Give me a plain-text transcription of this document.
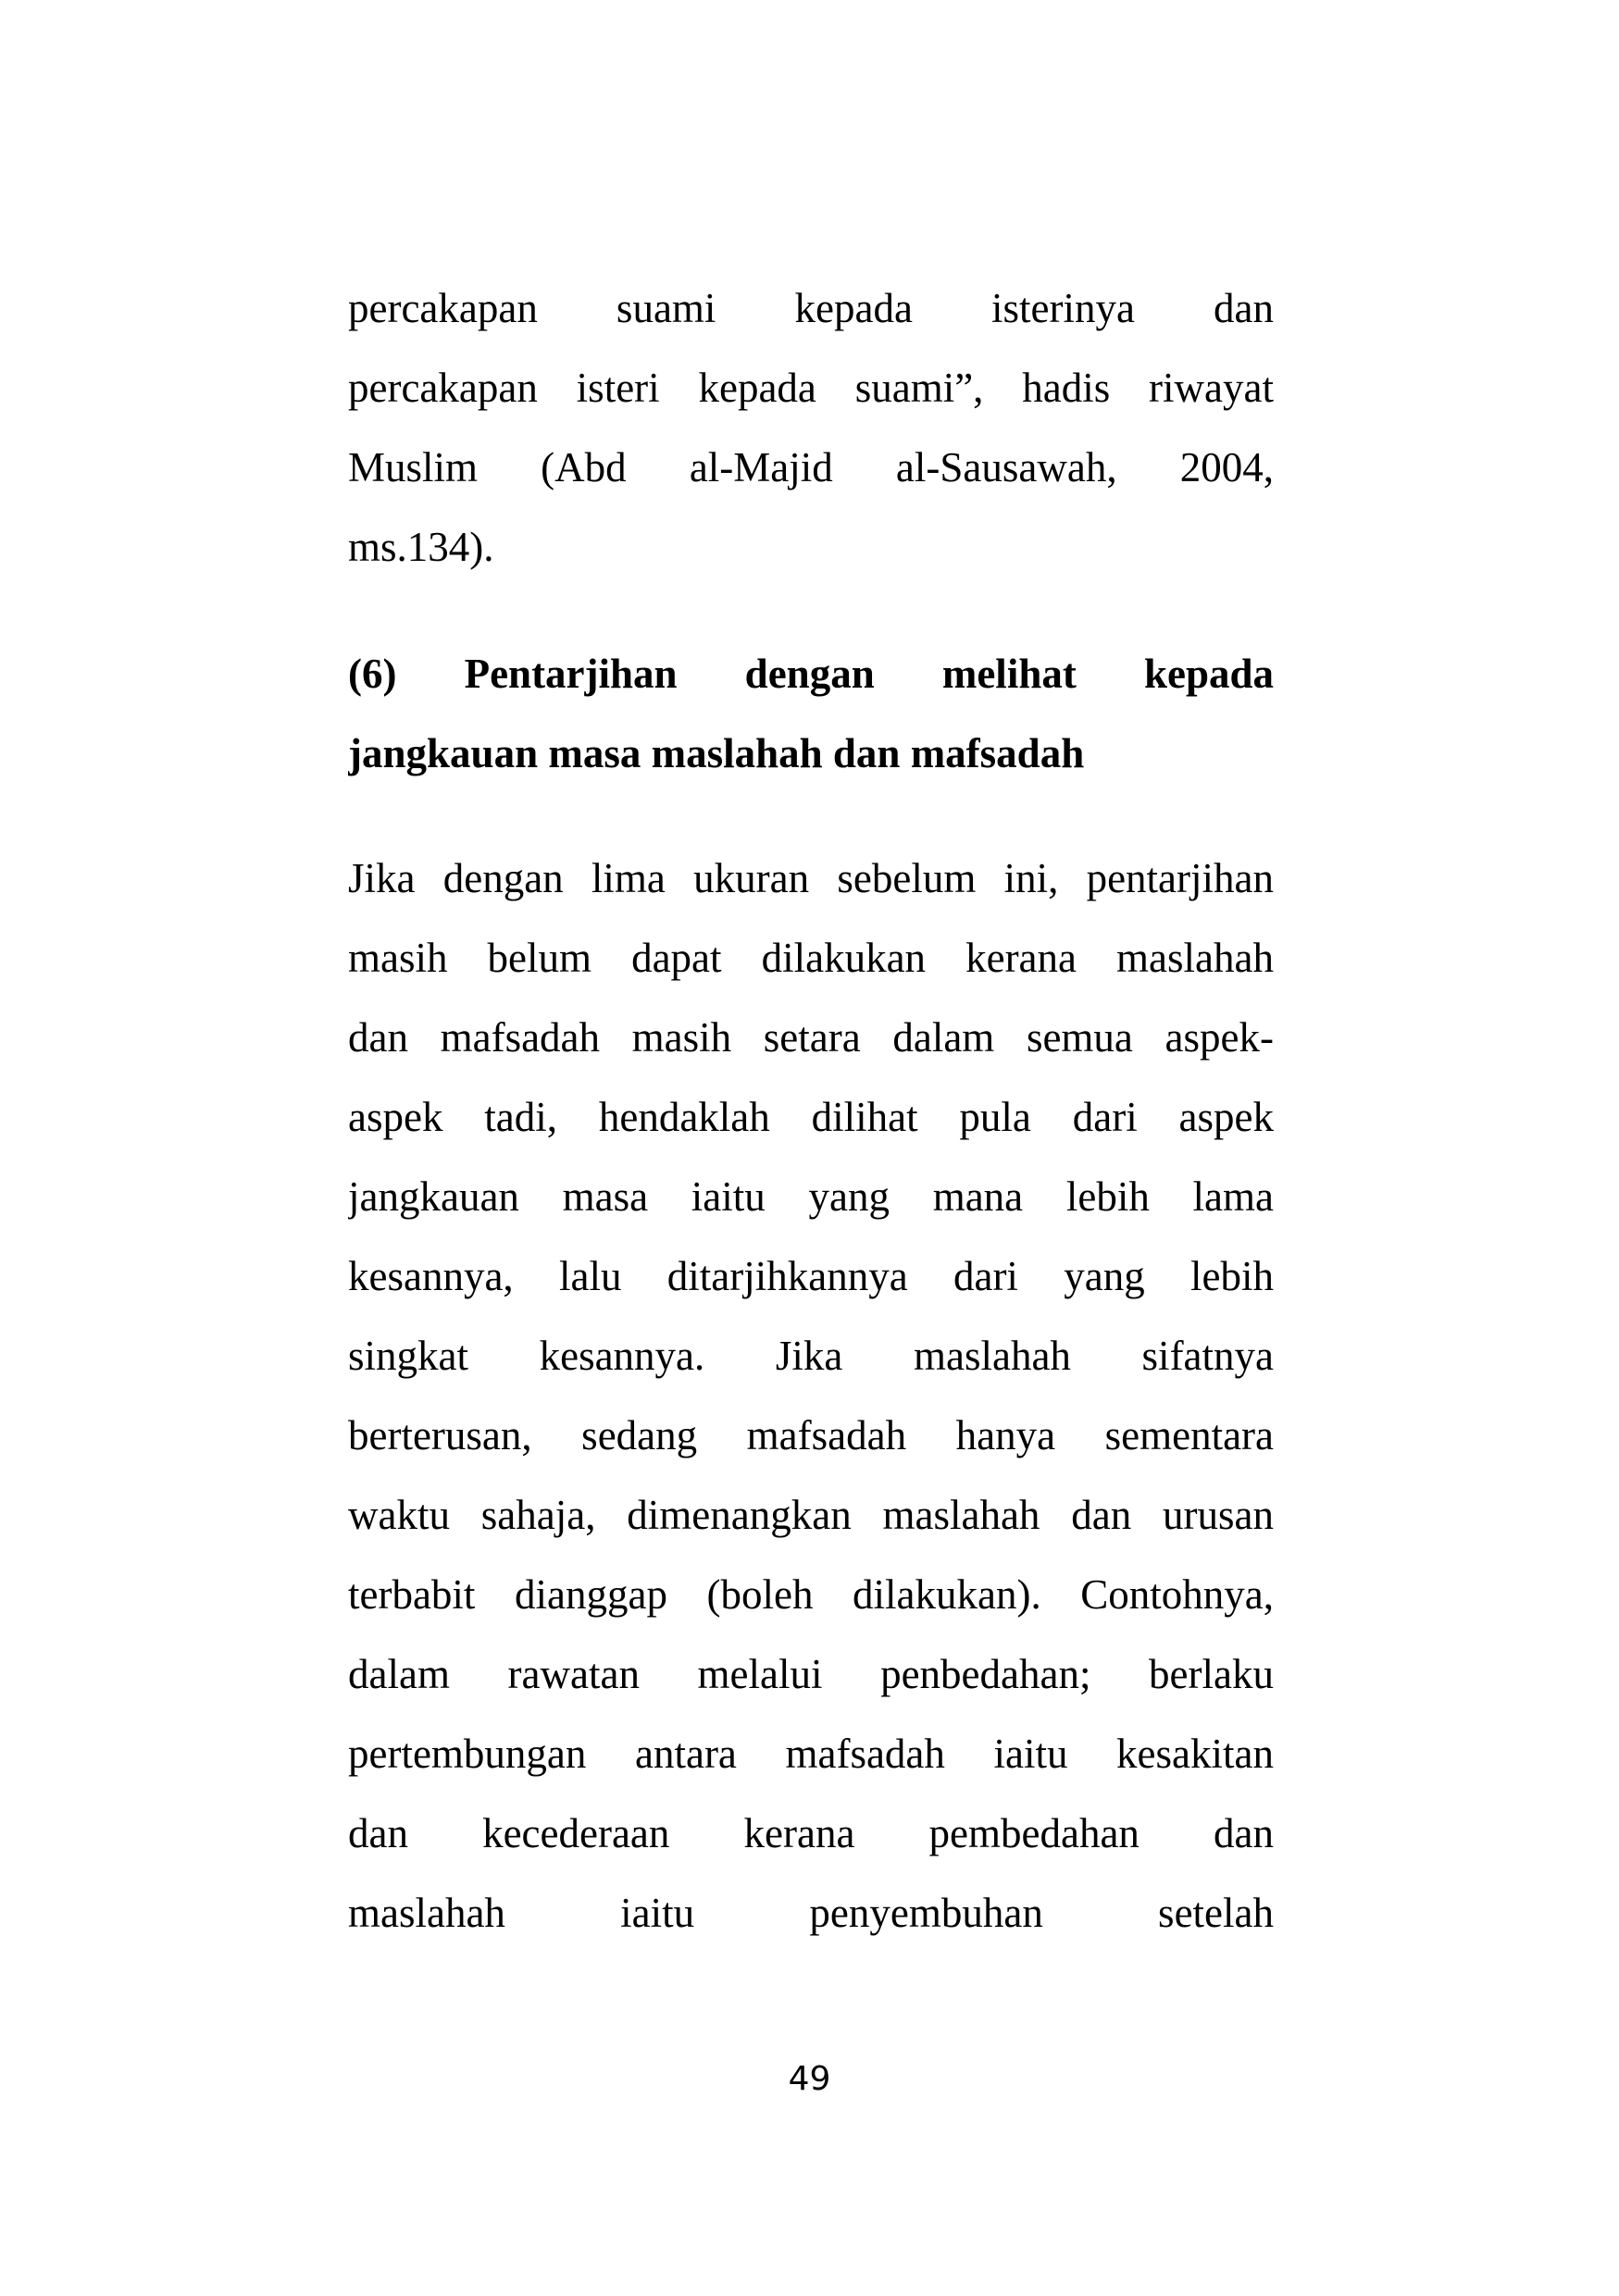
percakapan suami kepada isterinya dan
percakapan isteri kepada suami”, hadis riwayat
Muslim (Abd al-Majid al-Sausawah, 2004,
ms.134).
(6) Pentarjihan dengan melihat kepada
jangkauan masa maslahah dan mafsadah
Jika dengan lima ukuran sebelum ini, pentarjihan
masih belum dapat dilakukan kerana maslahah
dan mafsadah masih setara dalam semua aspek-
aspek tadi, hendaklah dilihat pula dari aspek
jangkauan masa iaitu yang mana lebih lama
kesannya, lalu ditarjihkannya dari yang lebih
singkat kesannya. Jika maslahah sifatnya
berterusan, sedang mafsadah hanya sementara
waktu sahaja, dimenangkan maslahah dan urusan
terbabit dianggap (boleh dilakukan). Contohnya,
dalam rawatan melalui penbedahan; berlaku
pertembungan antara mafsadah iaitu kesakitan
dan kecederaan kerana pembedahan dan
maslahah iaitu penyembuhan setelah
49
